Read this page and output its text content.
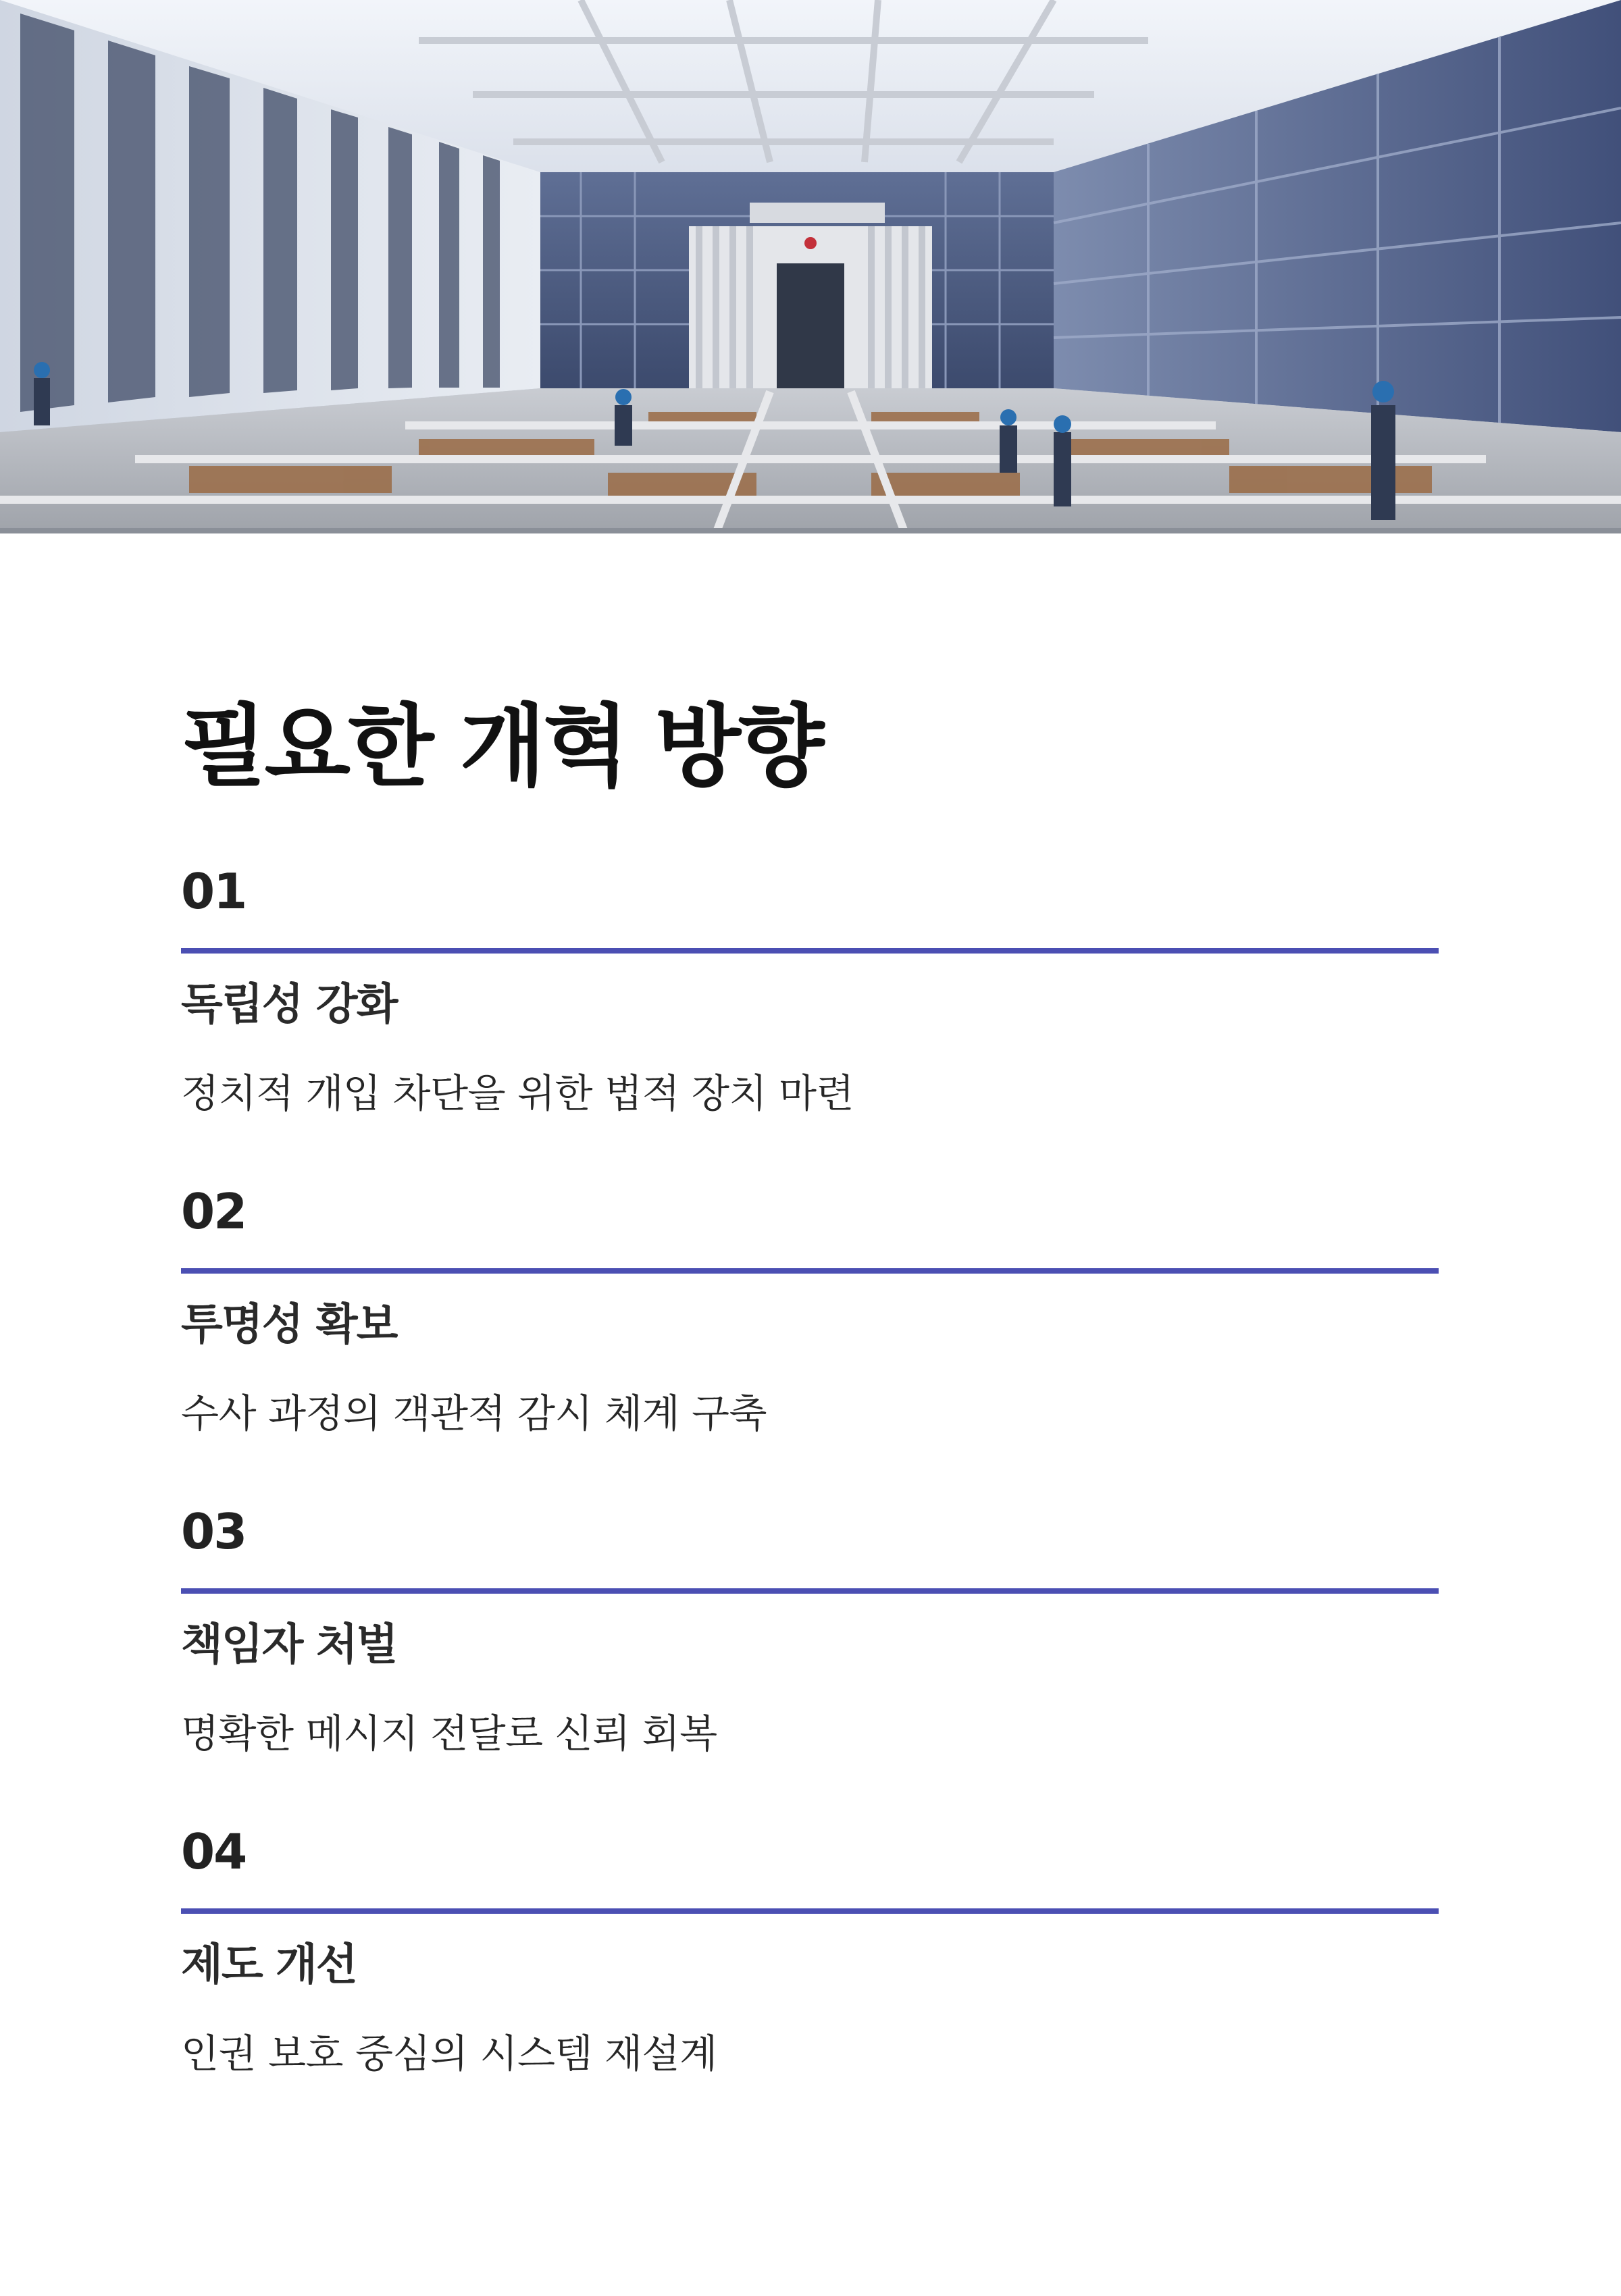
필요한 개혁 방향
01
독립성 강화
정치적 개입 차단을 위한 법적 장치 마련
02
투명성 확보
수사 과정의 객관적 감시 체계 구축
03
책임자 처벌
명확한 메시지 전달로 신뢰 회복
04
제도 개선
인권 보호 중심의 시스템 재설계
